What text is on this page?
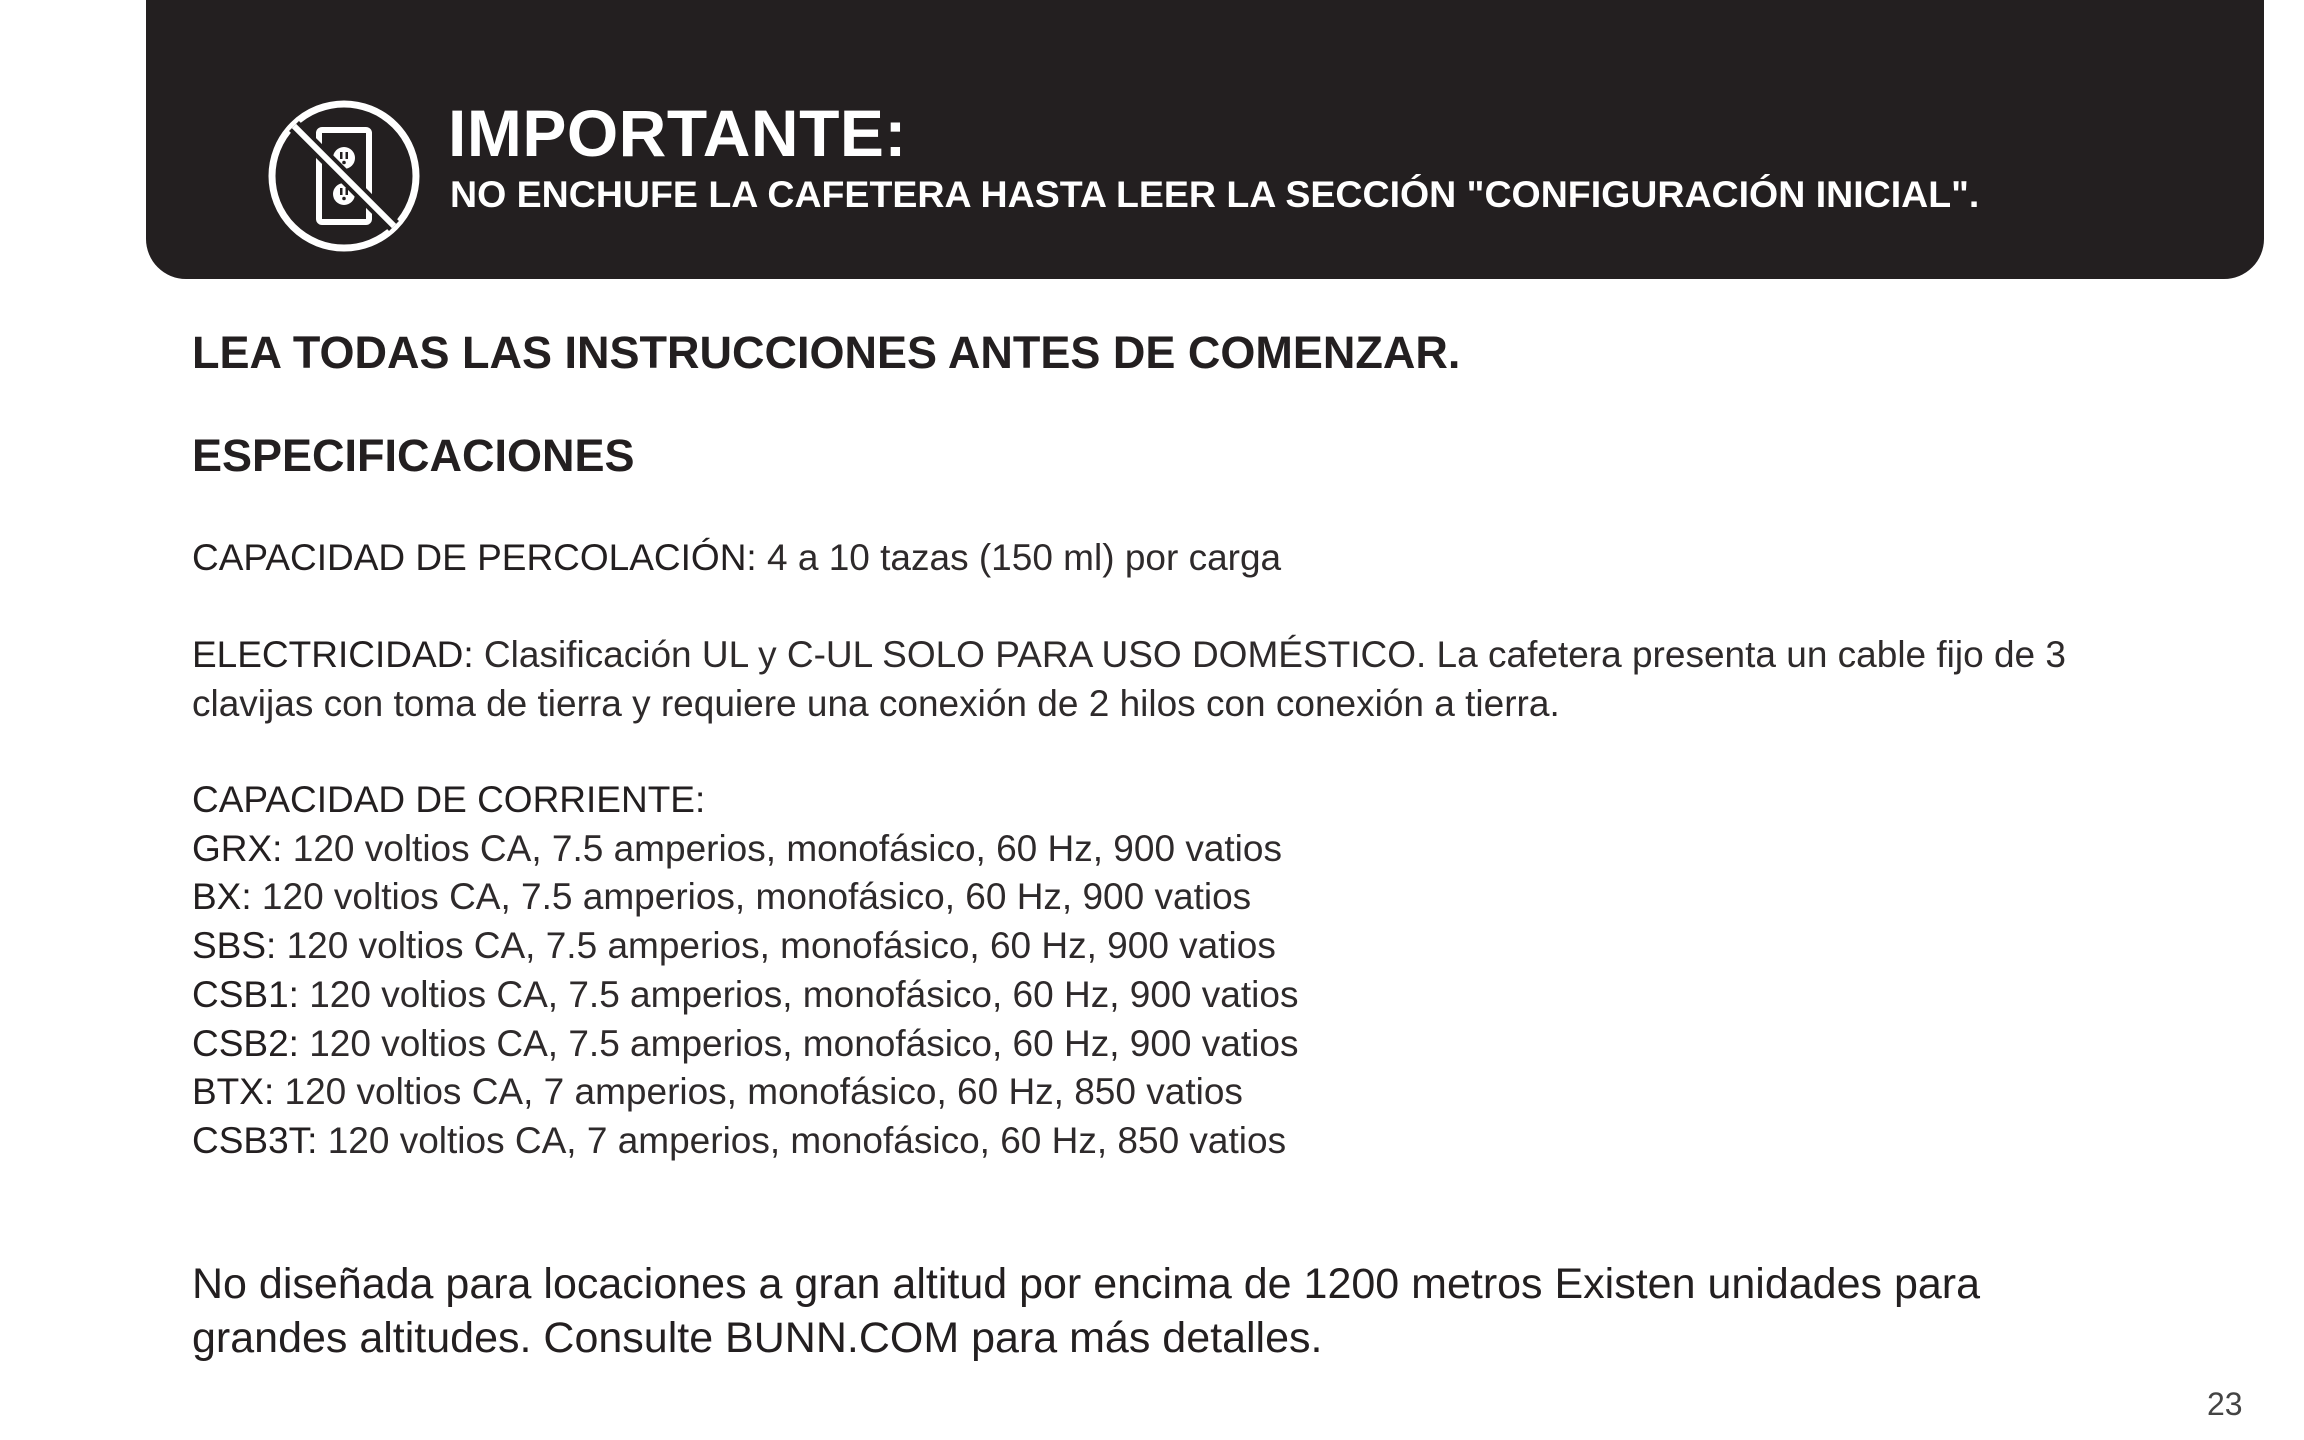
IMPORTANTE:
NO ENCHUFE LA CAFETERA HASTA LEER LA SECCIÓN "CONFIGURACIÓN INICIAL".
LEA TODAS LAS INSTRUCCIONES ANTES DE COMENZAR.
ESPECIFICACIONES
CAPACIDAD DE PERCOLACIÓN: 4 a 10 tazas (150 ml) por carga
ELECTRICIDAD: Clasificación UL y C-UL SOLO PARA USO DOMÉSTICO. La cafetera presenta un cable fijo de 3 clavijas con toma de tierra y requiere una conexión de 2 hilos con conexión a tierra.
CAPACIDAD DE CORRIENTE:
GRX: 120 voltios CA, 7.5 amperios, monofásico, 60 Hz, 900 vatios
BX: 120 voltios CA, 7.5 amperios, monofásico, 60 Hz, 900 vatios
SBS: 120 voltios CA, 7.5 amperios, monofásico, 60 Hz, 900 vatios
CSB1: 120 voltios CA, 7.5 amperios, monofásico, 60 Hz, 900 vatios
CSB2: 120 voltios CA, 7.5 amperios, monofásico, 60 Hz, 900 vatios
BTX: 120 voltios CA, 7 amperios, monofásico, 60 Hz, 850 vatios
CSB3T: 120 voltios CA, 7 amperios, monofásico, 60 Hz, 850 vatios
No diseñada para locaciones a gran altitud por encima de 1200 metros Existen unidades para grandes altitudes. Consulte BUNN.COM para más detalles.
23
